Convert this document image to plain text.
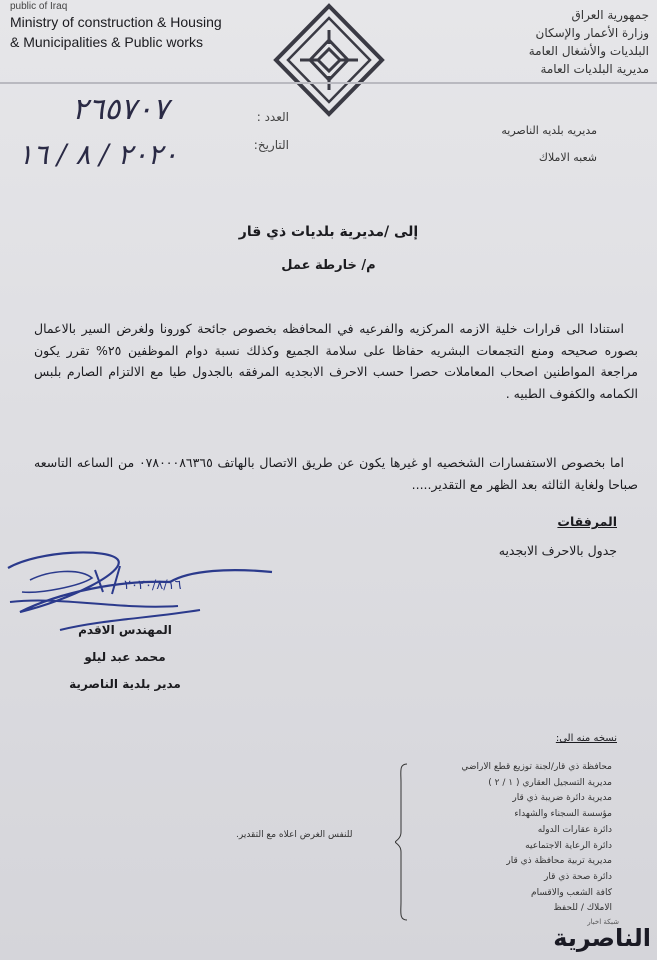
public of Iraq
Ministry of construction & Housing
& Municipalities & Public works
جمهورية العراق
وزارة الأعمار والإسكان
البلديات والأشغال العامة
مديرية البلديات العامة
العدد :
٢٦٥٧٠٧
التاريخ:
٢٠٢٠ / ٨ / ١٦
مديريه بلديه الناصريه
شعبه الاملاك
إلى /مديرية بلديات ذي قار
م/ خارطة عمل
استنادا الى قرارات خلية الازمه المركزيه والفرعيه في المحافظه بخصوص جائحة كورونا ولغرض السير بالاعمال بصوره صحيحه ومنع التجمعات البشريه حفاظا على سلامة الجميع وكذلك نسبة دوام الموظفين ٢٥% تقرر يكون مراجعة المواطنين اصحاب المعاملات حصرا حسب الاحرف الابجديه المرفقه بالجدول طيا مع الالتزام الصارم بلبس الكمامه والكفوف الطبيه .
اما بخصوص الاستفسارات الشخصيه او غيرها يكون عن طريق الاتصال بالهاتف ٠٧٨٠٠٠٨٦٣٦٥ من الساعه التاسعه صباحا ولغاية الثالثه بعد الظهر مع التقدير.....
المرفقات
جدول بالاحرف الابجديه
٢٠٢٠/٨/١٦
المهندس الاقدم
محمد عبد ليلو
مدير بلدية الناصرية
نسخه منه الى:
محافظة ذي قار/لجنة توزيع قطع الاراضي
مديرية التسجيل العقاري ( ١ / ٢ )
مديرية دائرة ضريبة ذي قار
مؤسسة السجناء والشهداء
دائرة عقارات الدوله
دائرة الرعاية الاجتماعيه
مديرية تربية محافظة ذي قار
دائرة صحة ذي قار
كافة الشعب والاقسام
الاملاك / للحفظ
للنفس الغرض اعلاه مع التقدير.
شبكة اخبار
الناصرية
